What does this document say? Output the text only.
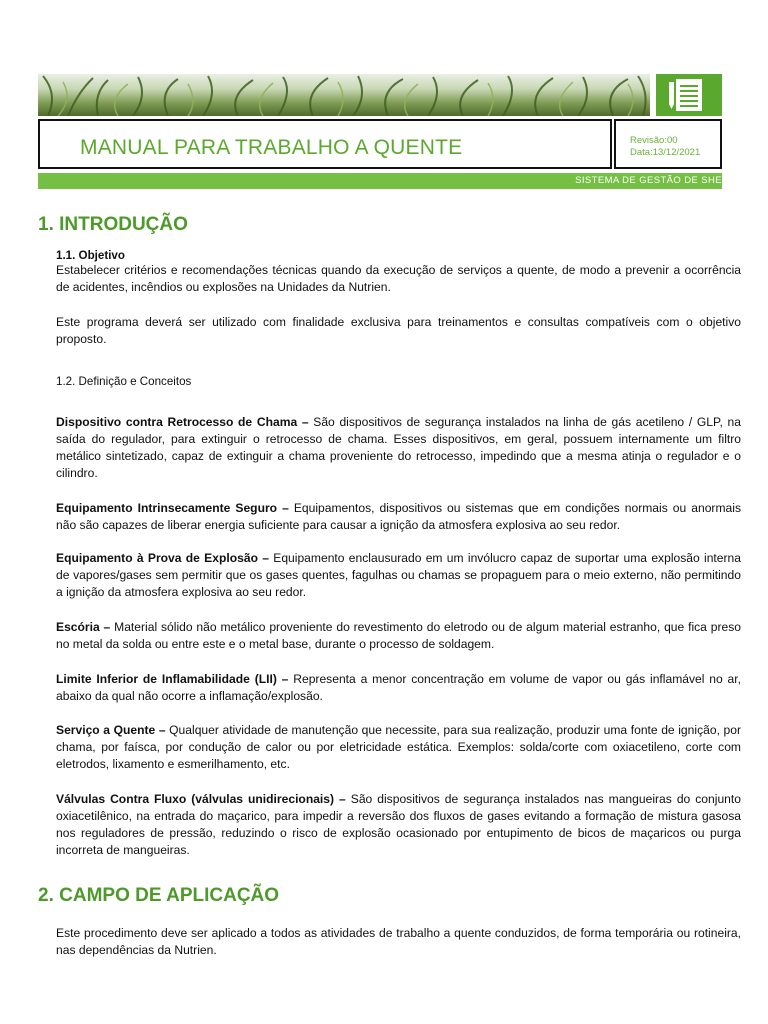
MANUAL PARA TRABALHO A QUENTE	Revisão:00
Data:13/12/2021
SISTEMA DE GESTÃO DE SHE
1. INTRODUÇÃO

1.1. Objetivo

Estabelecer critérios e recomendações técnicas quando da execução de serviços a quente, de modo a prevenir a ocorrência de acidentes, incêndios ou explosões na Unidades da Nutrien.

Este programa deverá ser utilizado com finalidade exclusiva para treinamentos e consultas compatíveis com o objetivo proposto.

1.2. Definição e Conceitos

Dispositivo contra Retrocesso de Chama – São dispositivos de segurança instalados na linha de gás acetileno / GLP, na saída do regulador, para extinguir o retrocesso de chama. Esses dispositivos, em geral, possuem internamente um filtro metálico sintetizado, capaz de extinguir a chama proveniente do retrocesso, impedindo que a mesma atinja o regulador e o cilindro.

Equipamento Intrinsecamente Seguro – Equipamentos, dispositivos ou sistemas que em condições normais ou anormais não são capazes de liberar energia suficiente para causar a ignição da atmosfera explosiva ao seu redor.

Equipamento à Prova de Explosão – Equipamento enclausurado em um invólucro capaz de suportar uma explosão interna de vapores/gases sem permitir que os gases quentes, fagulhas ou chamas se propaguem para o meio externo, não permitindo a ignição da atmosfera explosiva ao seu redor.

Escória – Material sólido não metálico proveniente do revestimento do eletrodo ou de algum material estranho, que fica preso no metal da solda ou entre este e o metal base, durante o processo de soldagem.

Limite Inferior de Inflamabilidade (LII) – Representa a menor concentração em volume de vapor ou gás inflamável no ar, abaixo da qual não ocorre a inflamação/explosão.

Serviço a Quente – Qualquer atividade de manutenção que necessite, para sua realização, produzir uma fonte de ignição, por chama, por faísca, por condução de calor ou por eletricidade estática. Exemplos: solda/corte com oxiacetileno, corte com eletrodos, lixamento e esmerilhamento, etc.

Válvulas Contra Fluxo (válvulas unidirecionais) – São dispositivos de segurança instalados nas mangueiras do conjunto oxiacetilênico, na entrada do maçarico, para impedir a reversão dos fluxos de gases evitando a formação de mistura gasosa nos reguladores de pressão, reduzindo o risco de explosão ocasionado por entupimento de bicos de maçaricos ou purga incorreta de mangueiras.

2. CAMPO DE APLICAÇÃO

Este procedimento deve ser aplicado a todos as atividades de trabalho a quente conduzidos, de forma temporária ou rotineira, nas dependências da Nutrien.
